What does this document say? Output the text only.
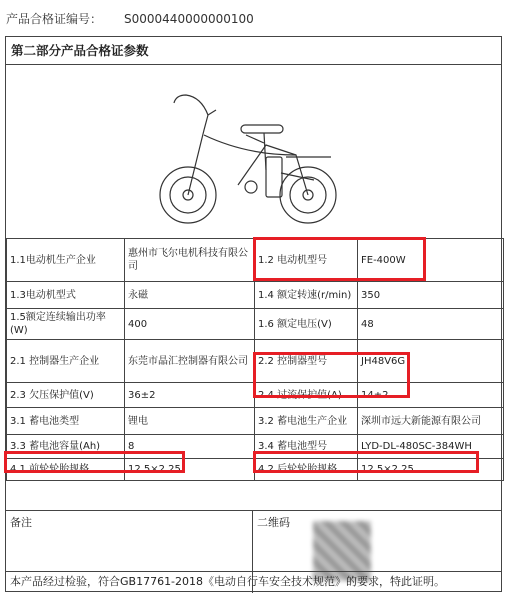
产品合格证编号： S0000440000000100
第二部分产品合格证参数
1.1电动机生产企业	惠州市飞尔电机科技有限公司	1.2 电动机型号	FE-400W
1.3电动机型式	永磁	1.4 额定转速(r/min)	350
1.5额定连续输出功率(W)	400	1.6 额定电压(V)	48
2.1 控制器生产企业	东莞市晶汇控制器有限公司	2.2 控制器型号	JH48V6G
2.3 欠压保护值(V)	36±2	2.4 过流保护值(A)	14±2
3.1 蓄电池类型	锂电	3.2 蓄电池生产企业	深圳市远大新能源有限公司
3.3 蓄电池容量(Ah)	8	3.4 蓄电池型号	LYD-DL-480SC-384WH
4.1 前轮轮胎规格	12.5×2.25	4.2 后轮轮胎规格	12.5×2.25
备注	二维码
本产品经过检验，符合GB17761-2018《电动自行车安全技术规范》的要求，特此证明。
